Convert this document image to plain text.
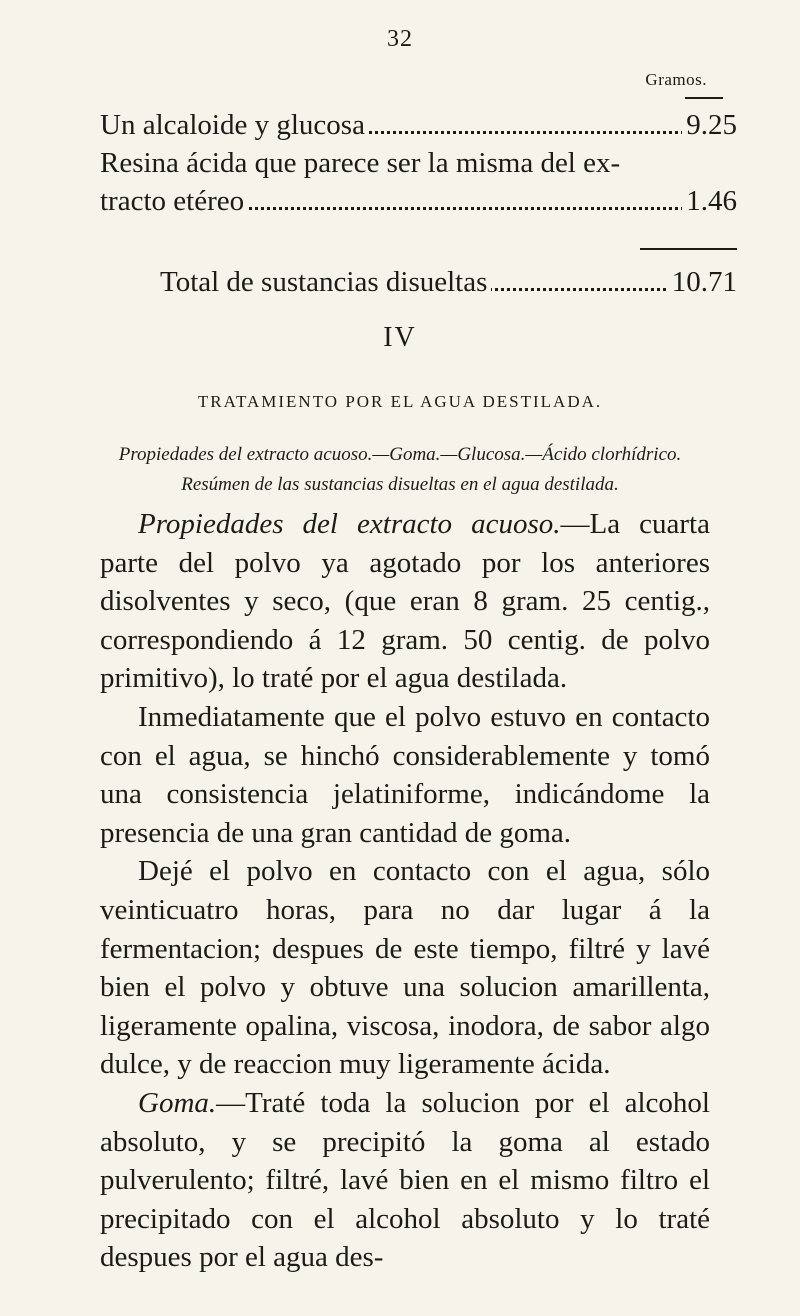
32
Gramos.
Un alcaloide y glucosa	9.25
Resina ácida que parece ser la misma del ex-
tracto etéreo	1.46
Total de sustancias disueltas	10.71
IV
TRATAMIENTO POR EL AGUA DESTILADA.
Propiedades del extracto acuoso.—Goma.—Glucosa.—Ácido clorhídrico.
Resúmen de las sustancias disueltas en el agua destilada.

Propiedades del extracto acuoso.—La cuarta parte del polvo ya agotado por los anteriores disolventes y seco, (que eran 8 gram. 25 centig., correspondiendo á 12 gram. 50 centig. de polvo primitivo), lo traté por el agua destilada.

Inmediatamente que el polvo estuvo en contacto con el agua, se hinchó considerablemente y tomó una consistencia jelatiniforme, indicándome la presencia de una gran cantidad de goma.

Dejé el polvo en contacto con el agua, sólo veinticuatro horas, para no dar lugar á la fermentacion; despues de este tiempo, filtré y lavé bien el polvo y obtuve una solucion amarillenta, ligeramente opalina, viscosa, inodora, de sabor algo dulce, y de reaccion muy ligeramente ácida.

Goma.—Traté toda la solucion por el alcohol absoluto, y se precipitó la goma al estado pulverulento; filtré, lavé bien en el mismo filtro el precipitado con el alcohol absoluto y lo traté despues por el agua des-
